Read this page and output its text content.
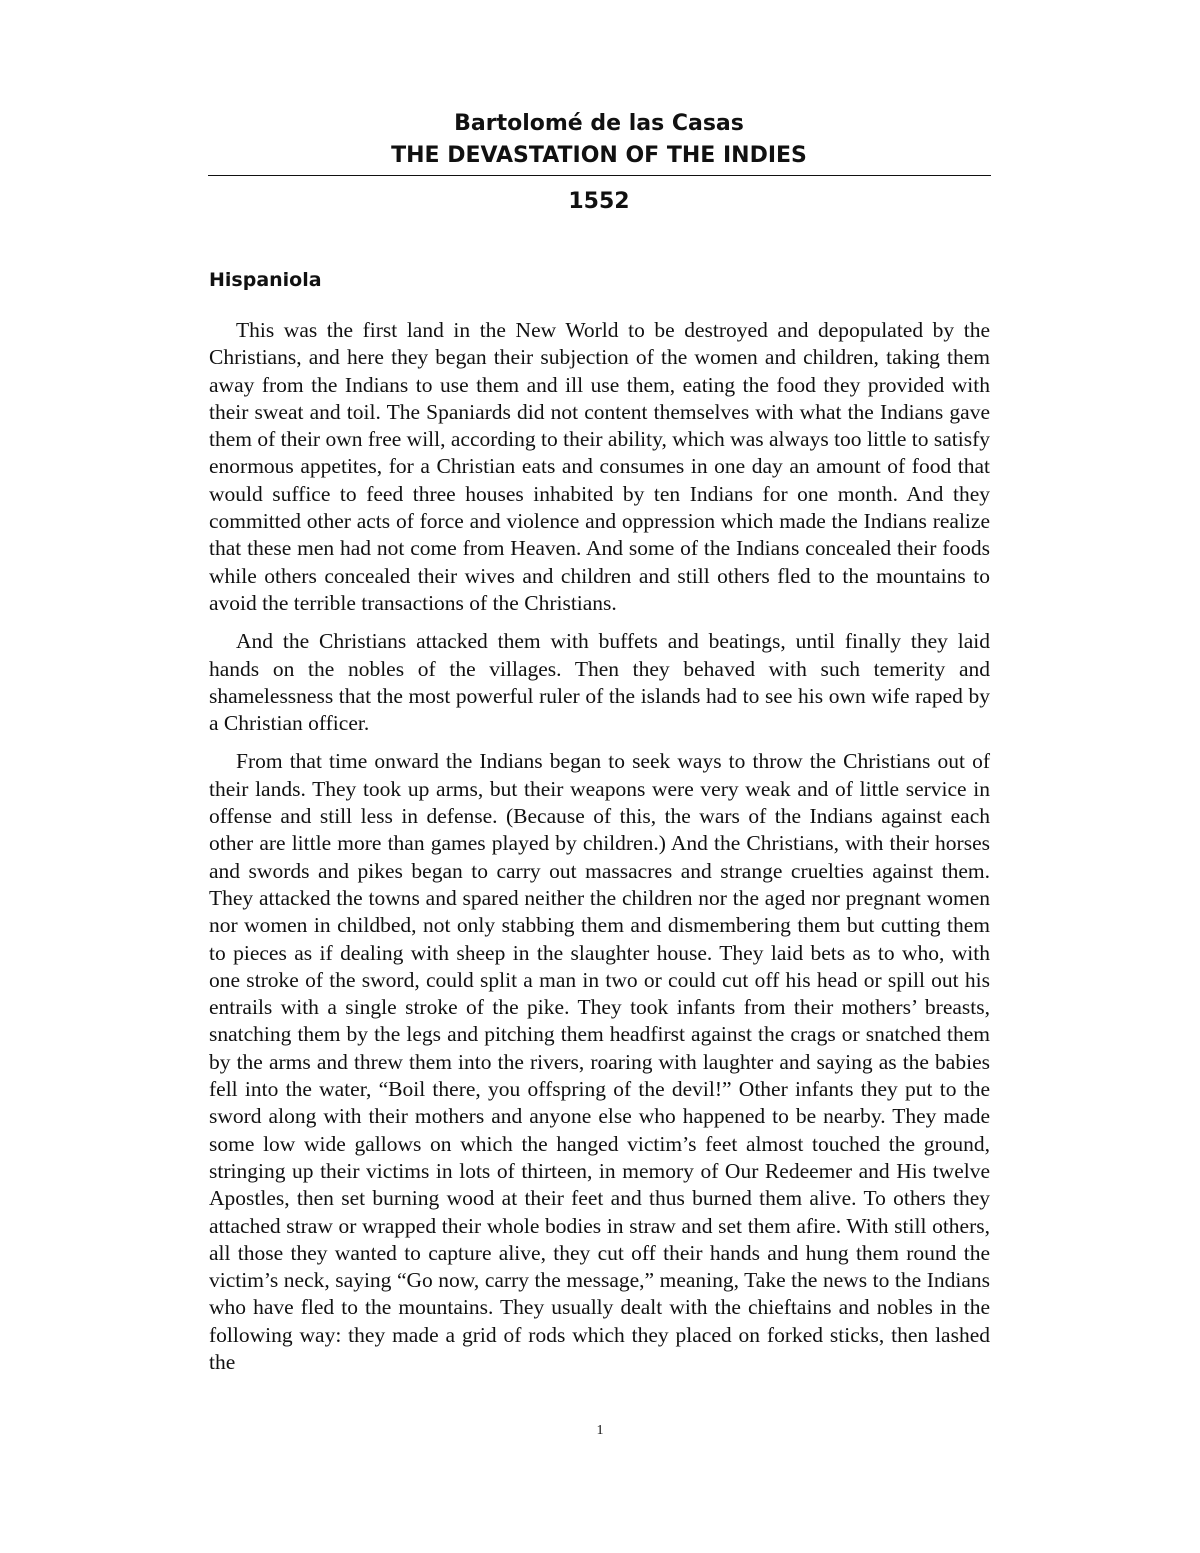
Bartolomé de las Casas
THE DEVASTATION OF THE INDIES
1552
Hispaniola

This was the first land in the New World to be destroyed and depopulated by the Christians, and here they began their subjection of the women and children, taking them away from the Indians to use them and ill use them, eating the food they provided with their sweat and toil. The Spaniards did not content themselves with what the Indians gave them of their own free will, according to their ability, which was always too little to satisfy enormous appetites, for a Christian eats and consumes in one day an amount of food that would suffice to feed three houses inhabited by ten Indians for one month. And they committed other acts of force and violence and oppression which made the Indians realize that these men had not come from Heaven. And some of the Indians concealed their foods while others concealed their wives and children and still others fled to the mountains to avoid the terrible transactions of the Christians.

And the Christians attacked them with buffets and beatings, until finally they laid hands on the nobles of the villages. Then they behaved with such temerity and shamelessness that the most powerful ruler of the islands had to see his own wife raped by a Christian officer.

From that time onward the Indians began to seek ways to throw the Christians out of their lands. They took up arms, but their weapons were very weak and of little service in offense and still less in defense. (Because of this, the wars of the Indians against each other are little more than games played by children.) And the Christians, with their horses and swords and pikes began to carry out massacres and strange cruelties against them. They attacked the towns and spared neither the children nor the aged nor pregnant women nor women in childbed, not only stabbing them and dismembering them but cutting them to pieces as if dealing with sheep in the slaughter house. They laid bets as to who, with one stroke of the sword, could split a man in two or could cut off his head or spill out his entrails with a single stroke of the pike. They took infants from their mothers’ breasts, snatching them by the legs and pitching them headfirst against the crags or snatched them by the arms and threw them into the rivers, roaring with laughter and saying as the babies fell into the water, “Boil there, you offspring of the devil!” Other infants they put to the sword along with their mothers and anyone else who happened to be nearby. They made some low wide gallows on which the hanged victim’s feet almost touched the ground, stringing up their victims in lots of thirteen, in memory of Our Redeemer and His twelve Apostles, then set burning wood at their feet and thus burned them alive. To others they attached straw or wrapped their whole bodies in straw and set them afire. With still others, all those they wanted to capture alive, they cut off their hands and hung them round the victim’s neck, saying “Go now, carry the message,” meaning, Take the news to the Indians who have fled to the mountains. They usually dealt with the chieftains and nobles in the following way: they made a grid of rods which they placed on forked sticks, then lashed the

1
